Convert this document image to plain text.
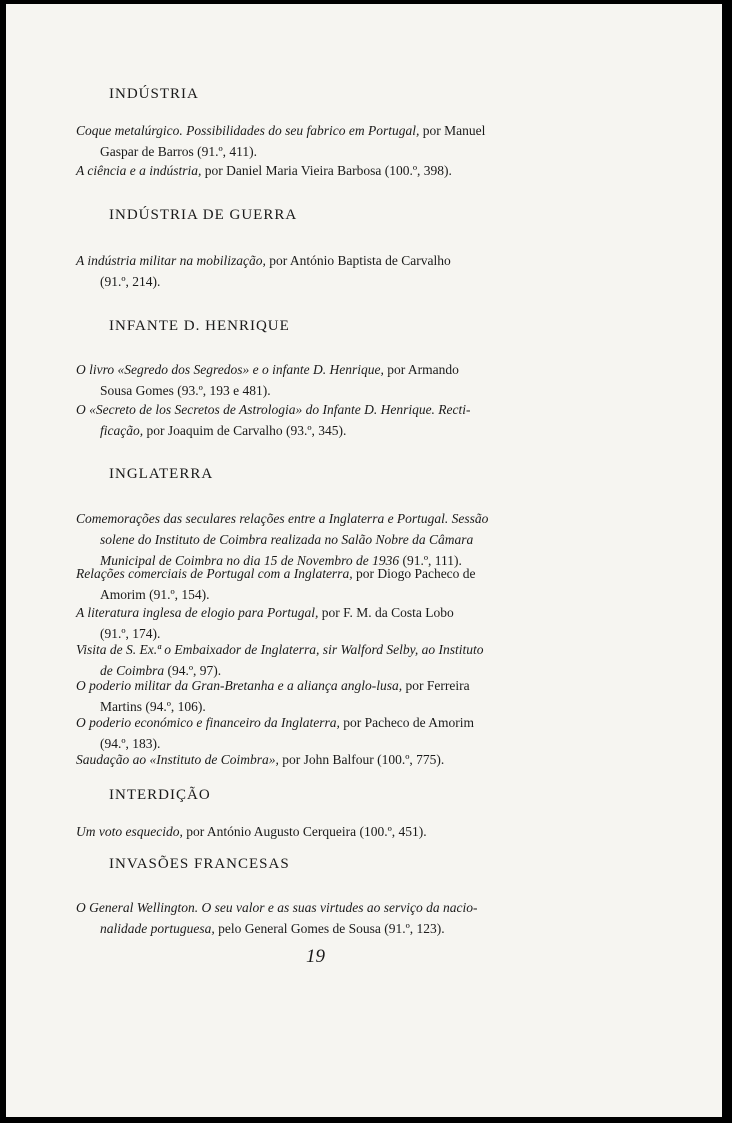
INDÚSTRIA
Coque metalúrgico. Possibilidades do seu fabrico em Portugal, por Manuel
Gaspar de Barros (91.º, 411).
A ciência e a indústria, por Daniel Maria Vieira Barbosa (100.º, 398).
INDÚSTRIA DE GUERRA
A indústria militar na mobilização, por António Baptista de Carvalho
(91.º, 214).
INFANTE D. HENRIQUE
O livro «Segredo dos Segredos» e o infante D. Henrique, por Armando
Sousa Gomes (93.º, 193 e 481).
O «Secreto de los Secretos de Astrologia» do Infante D. Henrique. Recti-
ficação, por Joaquim de Carvalho (93.º, 345).
INGLATERRA
Comemorações das seculares relações entre a Inglaterra e Portugal. Sessão
solene do Instituto de Coimbra realizada no Salão Nobre da Câmara
Municipal de Coimbra no dia 15 de Novembro de 1936 (91.º, 111).
Relações comerciais de Portugal com a Inglaterra, por Diogo Pacheco de
Amorim (91.º, 154).
A literatura inglesa de elogio para Portugal, por F. M. da Costa Lobo
(91.º, 174).
Visita de S. Ex.ª o Embaixador de Inglaterra, sir Walford Selby, ao Instituto
de Coimbra (94.º, 97).
O poderio militar da Gran-Bretanha e a aliança anglo-lusa, por Ferreira
Martins (94.º, 106).
O poderio económico e financeiro da Inglaterra, por Pacheco de Amorim
(94.º, 183).
Saudação ao «Instituto de Coimbra», por John Balfour (100.º, 775).
INTERDIÇÃO
Um voto esquecido, por António Augusto Cerqueira (100.º, 451).
INVASÕES FRANCESAS
O General Wellington. O seu valor e as suas virtudes ao serviço da nacio-
nalidade portuguesa, pelo General Gomes de Sousa (91.º, 123).
19
